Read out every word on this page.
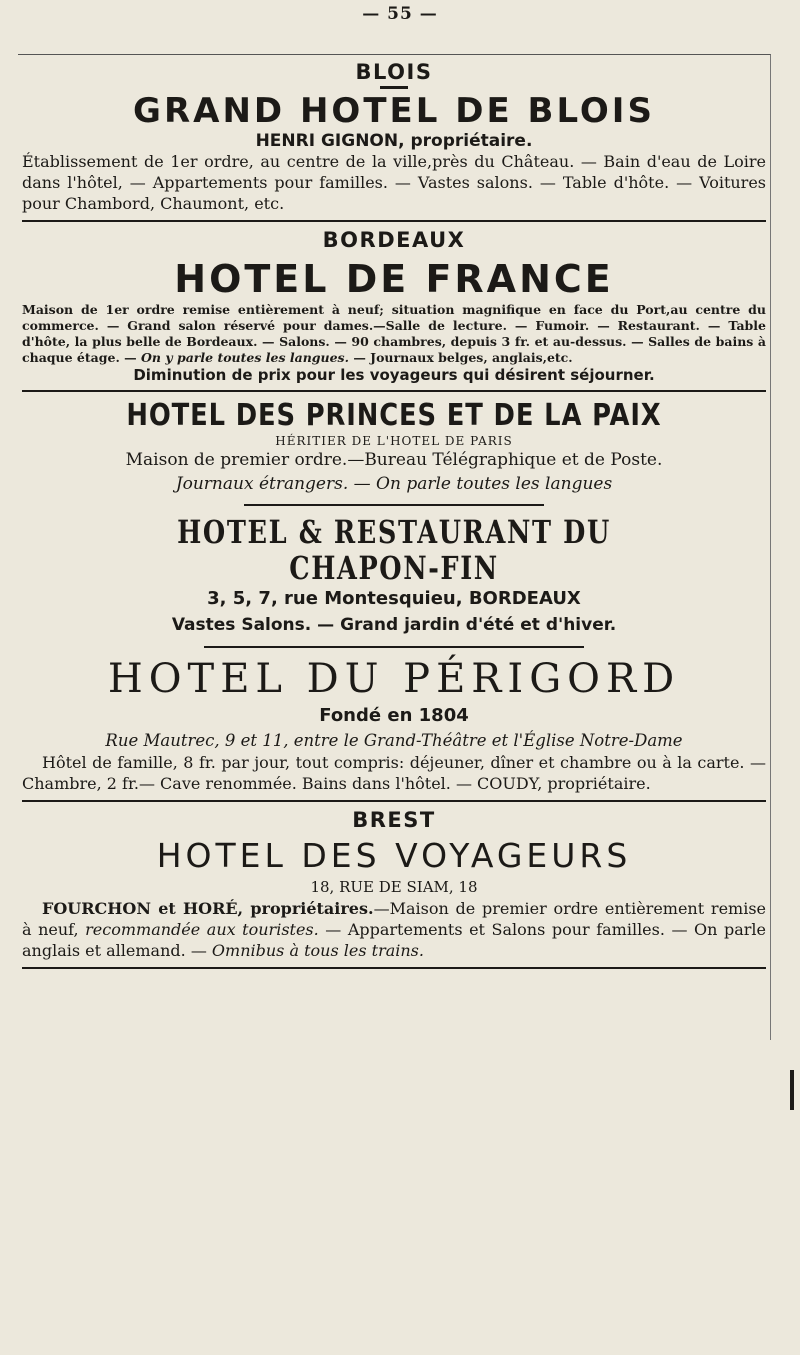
— 55 —
BLOIS
GRAND HOTEL DE BLOIS
HENRI GIGNON, propriétaire.

Établissement de 1er ordre, au centre de la ville,près du Château. — Bain d'eau de Loire dans l'hôtel, — Appartements pour familles. — Vastes salons. — Table d'hôte. — Voitures pour Chambord, Chaumont, etc.

BORDEAUX
HOTEL DE FRANCE

Maison de 1er ordre remise entièrement à neuf; situation magnifique en face du Port,au centre du commerce. — Grand salon réservé pour dames.—Salle de lecture. — Fumoir. — Restaurant. — Table d'hôte, la plus belle de Bordeaux. — Salons. — 90 chambres, depuis 3 fr. et au-dessus. — Salles de bains à chaque étage. — On y parle toutes les langues. — Journaux belges, anglais,etc.

Diminution de prix pour les voyageurs qui désirent séjourner.
HOTEL DES PRINCES ET DE LA PAIX
HÉRITIER DE L'HOTEL DE PARIS
Maison de premier ordre.—Bureau Télégraphique et de Poste.
Journaux étrangers. — On parle toutes les langues
HOTEL & RESTAURANT DU CHAPON-FIN
3, 5, 7, rue Montesquieu, BORDEAUX
Vastes Salons. — Grand jardin d'été et d'hiver.
HOTEL DU PÉRIGORD
Fondé en 1804
Rue Mautrec, 9 et 11, entre le Grand-Théâtre et l'Église Notre-Dame

Hôtel de famille, 8 fr. par jour, tout compris: déjeuner, dîner et chambre ou à la carte. — Chambre, 2 fr.— Cave renommée. Bains dans l'hôtel. — COUDY, propriétaire.

BREST
HOTEL DES VOYAGEURS
18, RUE DE SIAM, 18

FOURCHON et HORÉ, propriétaires.—Maison de premier ordre entièrement remise à neuf, recommandée aux touristes. — Appartements et Salons pour familles. — On parle anglais et allemand. — Omnibus à tous les trains.
